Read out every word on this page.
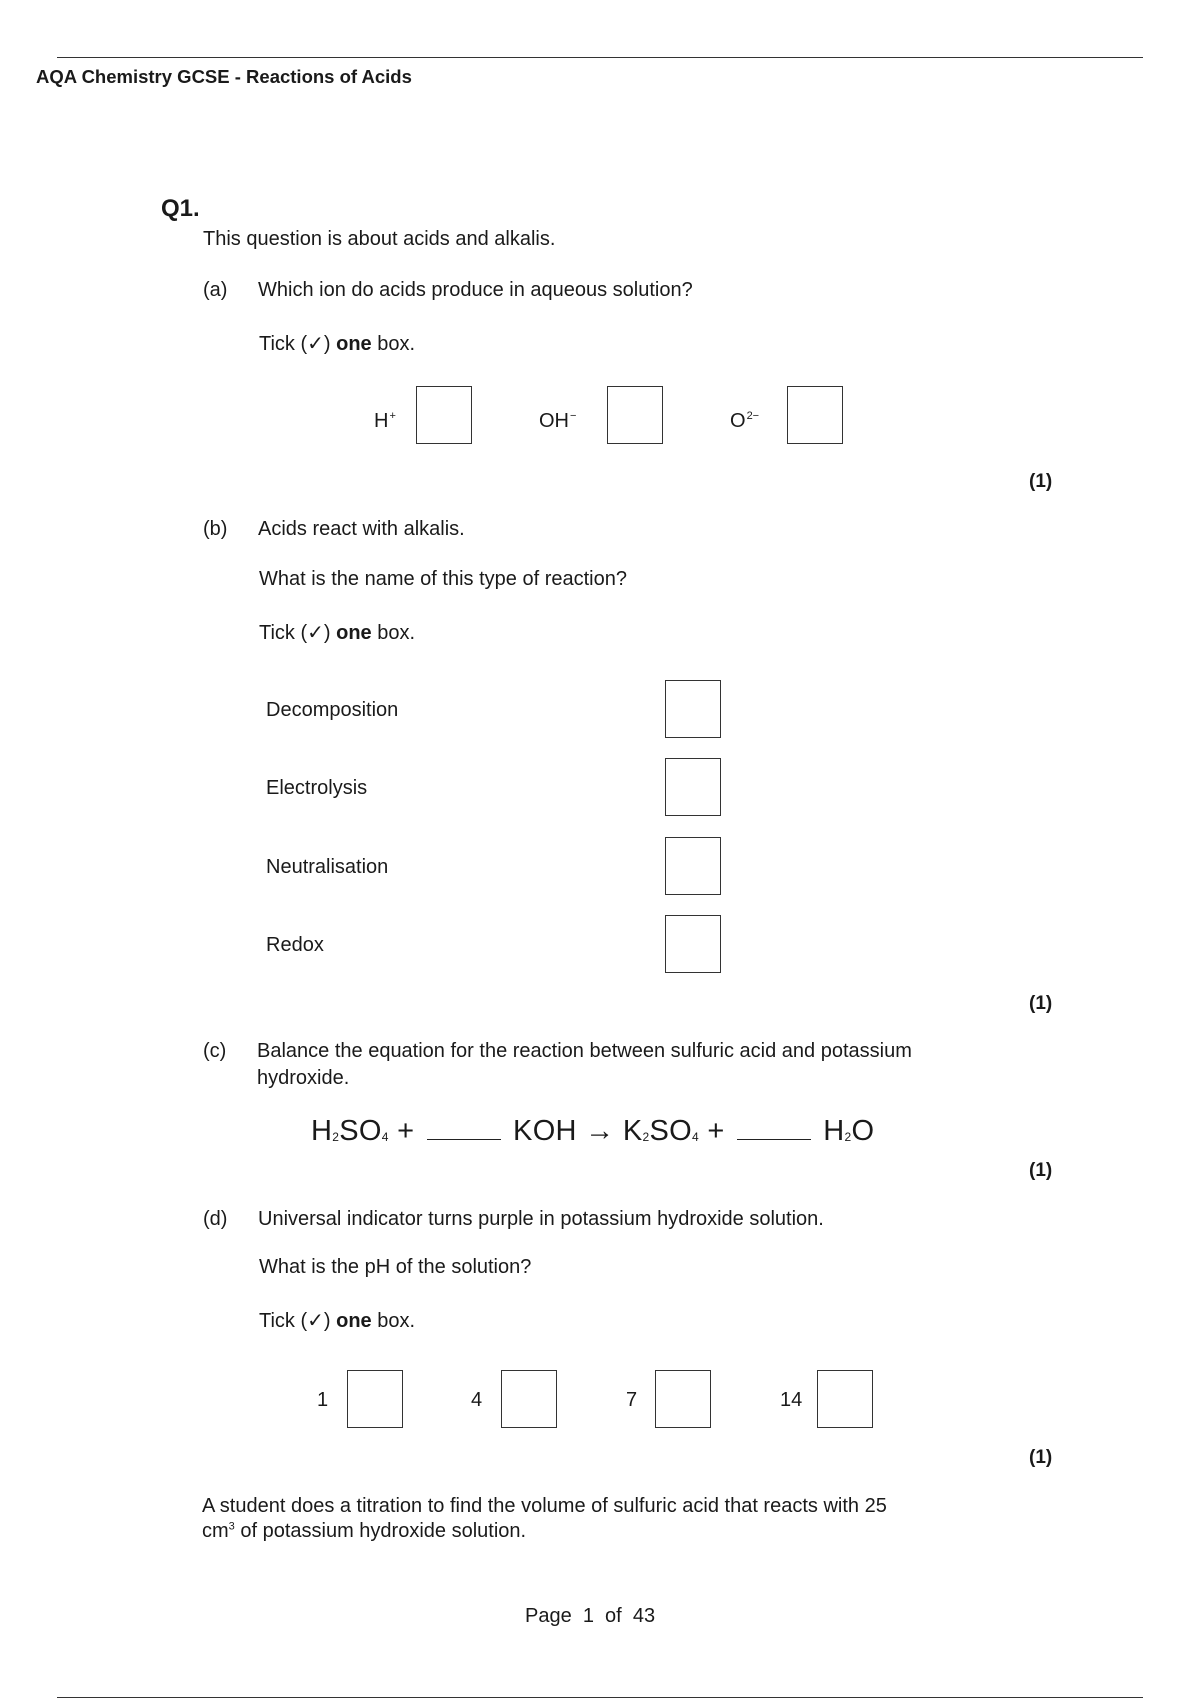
AQA Chemistry GCSE - Reactions of Acids
Q1.
This question is about acids and alkalis.
(a) Which ion do acids produce in aqueous solution?
Tick (✓) one box.
H+	OH−	$O^{2-}$
(1)
(b) Acids react with alkalis.
What is the name of this type of reaction?
Tick (✓) one box.
Decomposition
Electrolysis
Neutralisation
Redox
(1)
(c) Balance the equation for the reaction between sulfuric acid and potassium
hydroxide.
$H_2SO_4$ +	KOH → $K_2SO_4$ +	$H_2O$
(1)
(d) Universal indicator turns purple in potassium hydroxide solution.
What is the pH of the solution?
Tick (✓) one box.
1	4	7	14
(1)
A student does a titration to find the volume of sulfuric acid that reacts with 25
$cm^3$ of potassium hydroxide solution.
Page  1  of  43
